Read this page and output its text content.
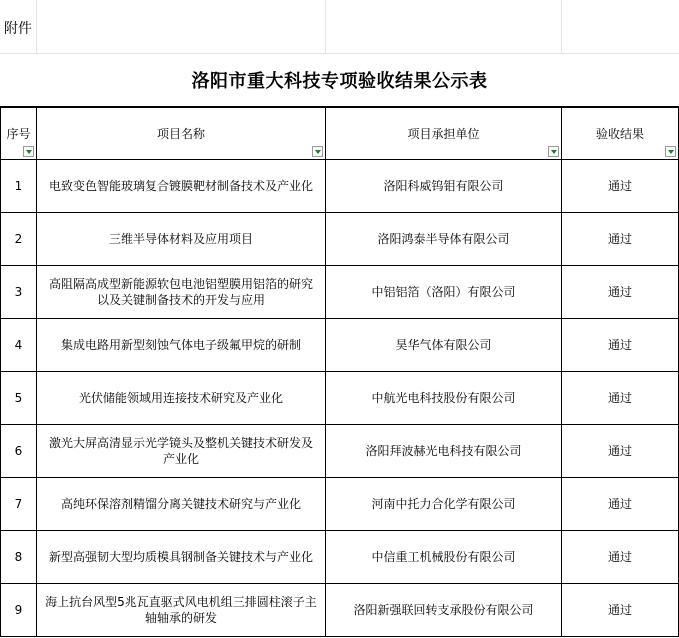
附件
洛阳市重大科技专项验收结果公示表
序号	项目名称	项目承担单位	验收结果

1	电致变色智能玻璃复合镀膜靶材制备技术及产业化	洛阳科威钨钼有限公司	通过
2	三维半导体材料及应用项目	洛阳鸿泰半导体有限公司	通过
3	高阻隔高成型新能源软包电池铝塑膜用铝箔的研究以及关键制备技术的开发与应用	中铝铝箔（洛阳）有限公司	通过
4	集成电路用新型刻蚀气体电子级氟甲烷的研制	昊华气体有限公司	通过
5	光伏储能领域用连接技术研究及产业化	中航光电科技股份有限公司	通过
6	激光大屏高清显示光学镜头及整机关键技术研发及产业化	洛阳拜波赫光电科技有限公司	通过
7	高纯环保溶剂精馏分离关键技术研究与产业化	河南中托力合化学有限公司	通过
8	新型高强韧大型均质模具钢制备关键技术与产业化	中信重工机械股份有限公司	通过
9	海上抗台风型5兆瓦直驱式风电机组三排圆柱滚子主轴轴承的研发	洛阳新强联回转支承股份有限公司	通过
